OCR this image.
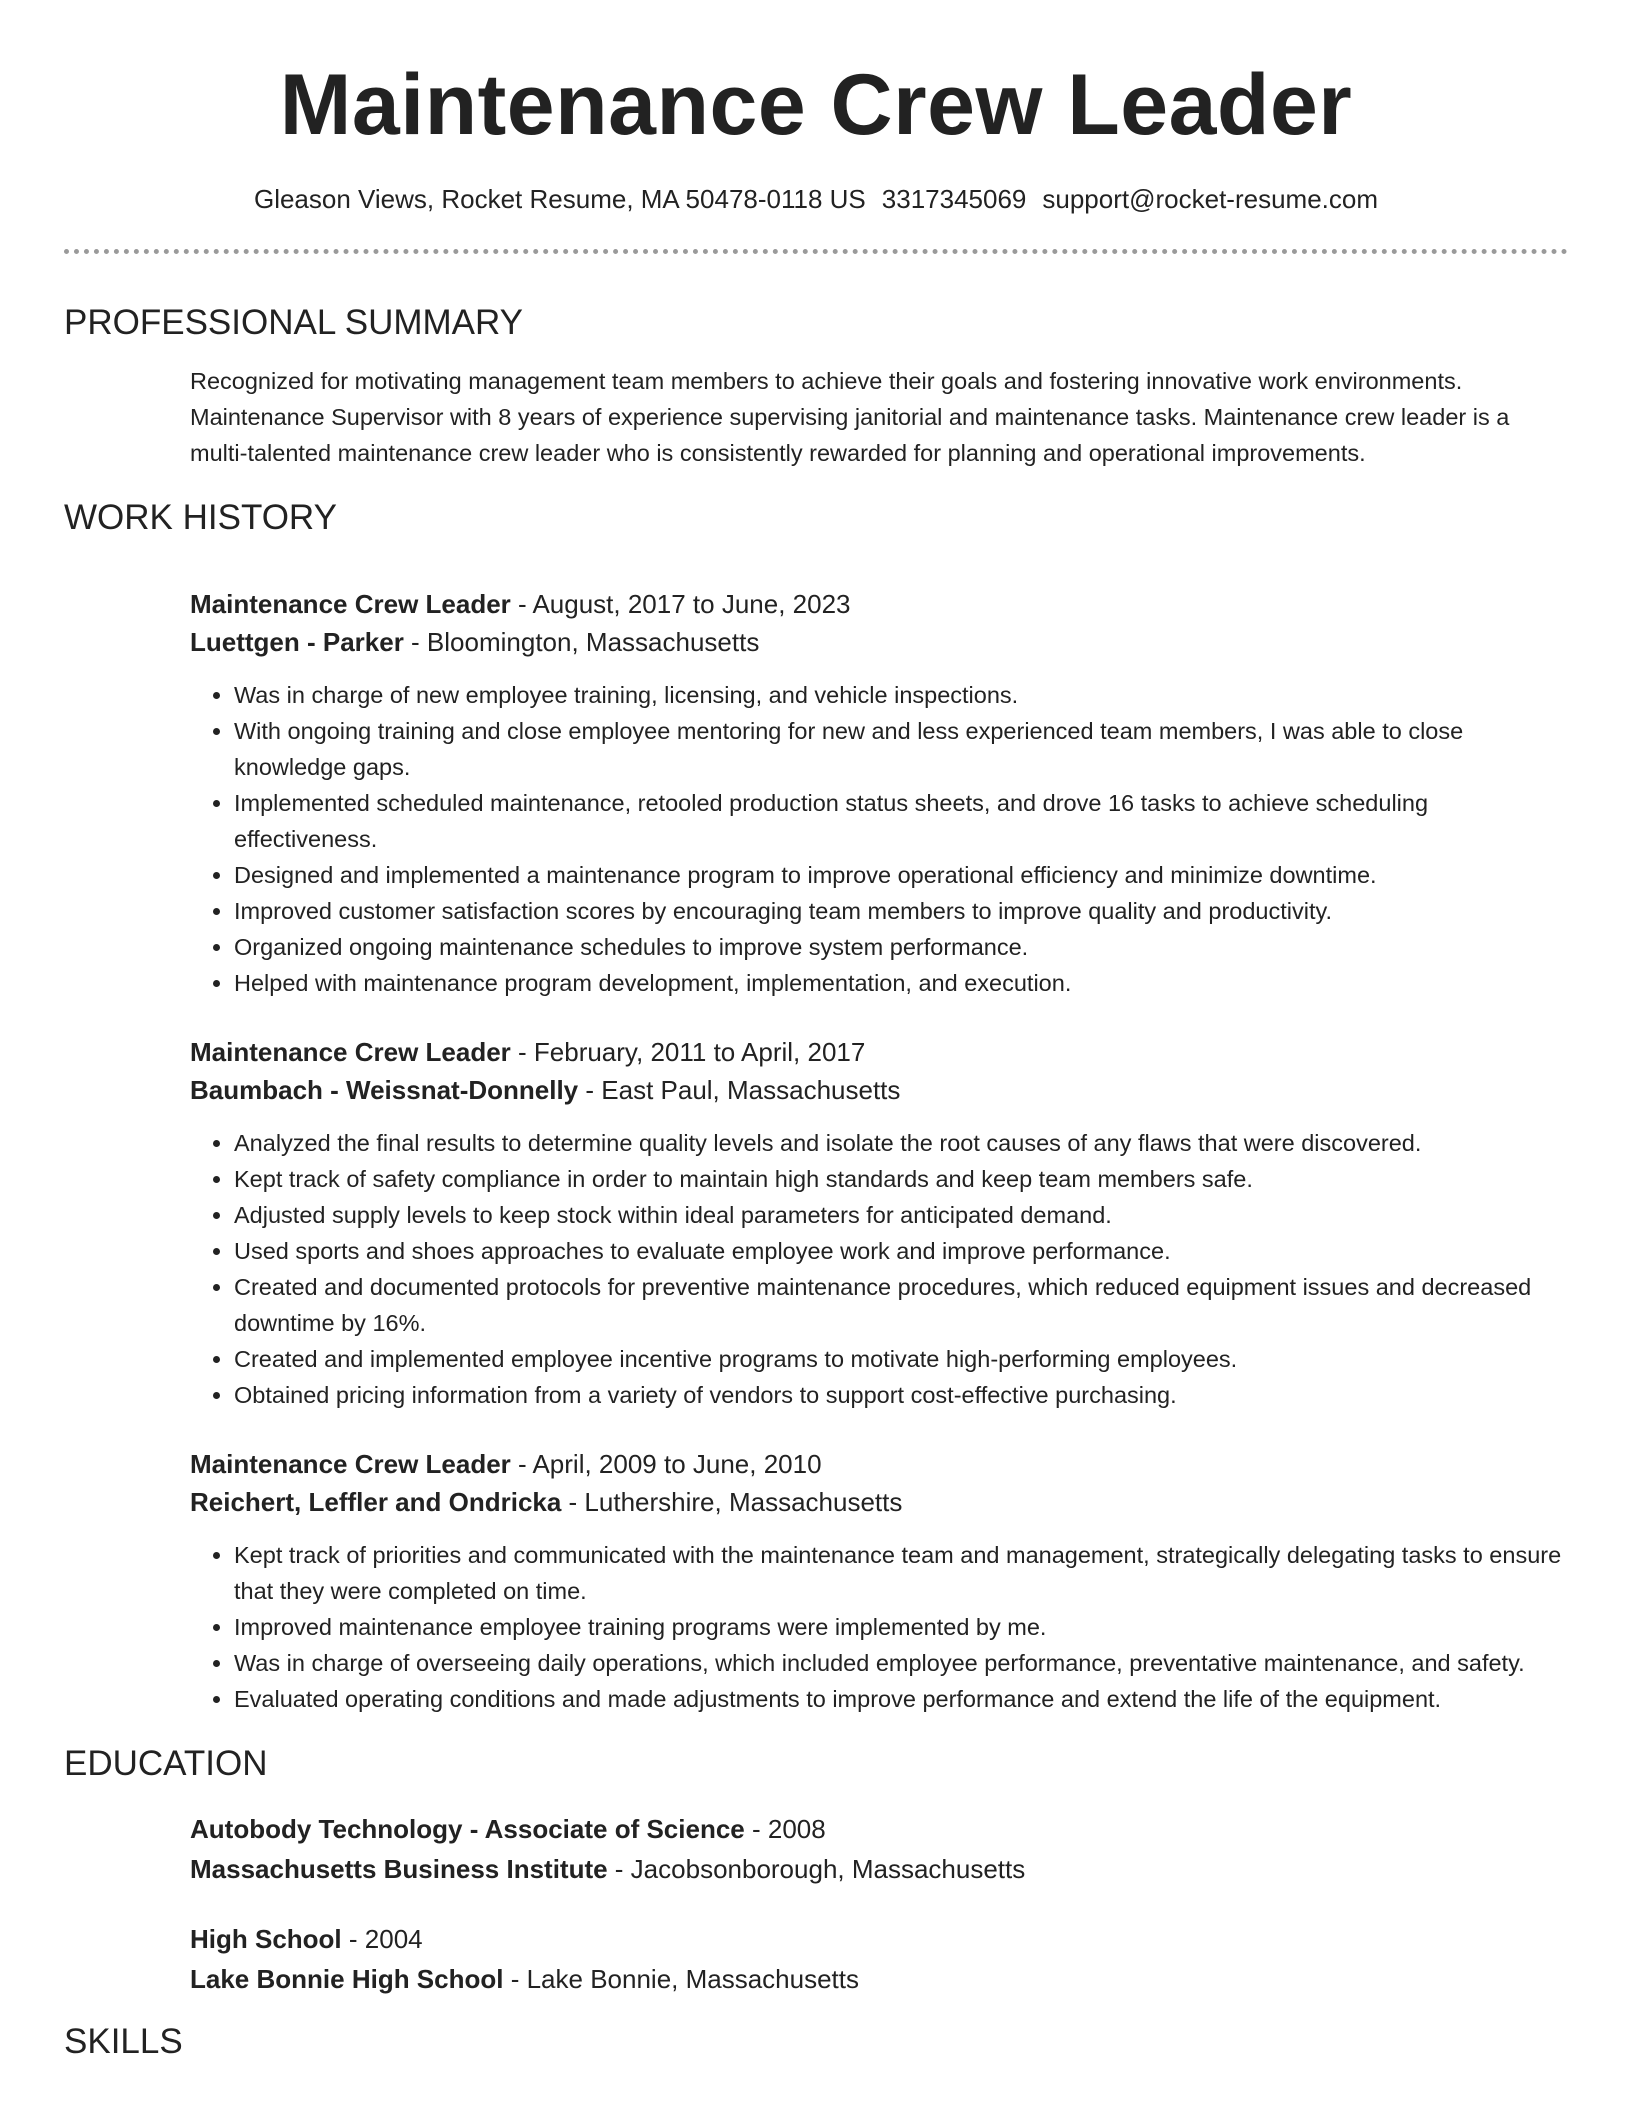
Maintenance Crew Leader
Gleason Views, Rocket Resume, MA 50478-0118 US 3317345069 support@rocket-resume.com
PROFESSIONAL SUMMARY

Recognized for motivating management team members to achieve their goals and fostering innovative work environments. Maintenance Supervisor with 8 years of experience supervising janitorial and maintenance tasks. Maintenance crew leader is a multi-talented maintenance crew leader who is consistently rewarded for planning and operational improvements.

WORK HISTORY

Maintenance Crew Leader - August, 2017 to June, 2023

Luettgen - Parker - Bloomington, Massachusetts

• Was in charge of new employee training, licensing, and vehicle inspections.
• With ongoing training and close employee mentoring for new and less experienced team members, I was able to close knowledge gaps.
• Implemented scheduled maintenance, retooled production status sheets, and drove 16 tasks to achieve scheduling effectiveness.
• Designed and implemented a maintenance program to improve operational efficiency and minimize downtime.
• Improved customer satisfaction scores by encouraging team members to improve quality and productivity.
• Organized ongoing maintenance schedules to improve system performance.
• Helped with maintenance program development, implementation, and execution.

Maintenance Crew Leader - February, 2011 to April, 2017

Baumbach - Weissnat-Donnelly - East Paul, Massachusetts

• Analyzed the final results to determine quality levels and isolate the root causes of any flaws that were discovered.
• Kept track of safety compliance in order to maintain high standards and keep team members safe.
• Adjusted supply levels to keep stock within ideal parameters for anticipated demand.
• Used sports and shoes approaches to evaluate employee work and improve performance.
• Created and documented protocols for preventive maintenance procedures, which reduced equipment issues and decreased downtime by 16%.
• Created and implemented employee incentive programs to motivate high-performing employees.
• Obtained pricing information from a variety of vendors to support cost-effective purchasing.

Maintenance Crew Leader - April, 2009 to June, 2010

Reichert, Leffler and Ondricka - Luthershire, Massachusetts

• Kept track of priorities and communicated with the maintenance team and management, strategically delegating tasks to ensure that they were completed on time.
• Improved maintenance employee training programs were implemented by me.
• Was in charge of overseeing daily operations, which included employee performance, preventative maintenance, and safety.
• Evaluated operating conditions and made adjustments to improve performance and extend the life of the equipment.
EDUCATION

Autobody Technology - Associate of Science - 2008

Massachusetts Business Institute - Jacobsonborough, Massachusetts

High School - 2004

Lake Bonnie High School - Lake Bonnie, Massachusetts

SKILLS
